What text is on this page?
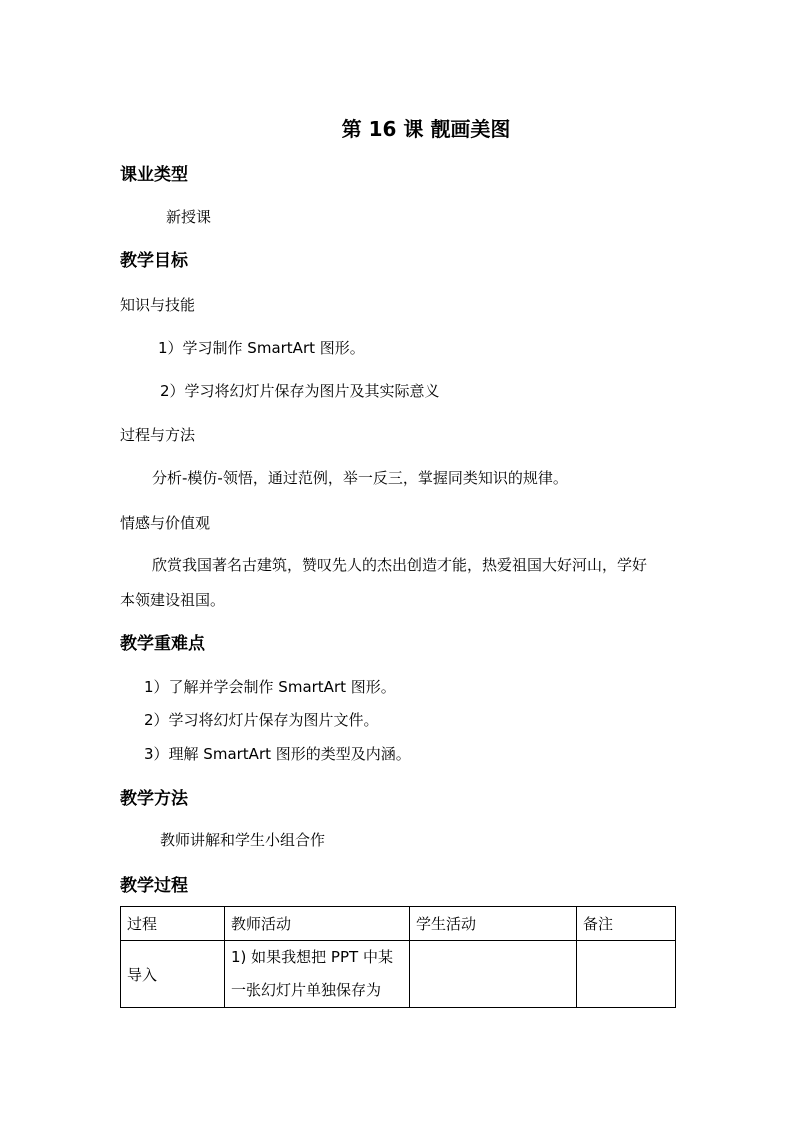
第 16 课 靓画美图
课业类型
新授课
教学目标
知识与技能
1）学习制作 SmartArt 图形。
2）学习将幻灯片保存为图片及其实际意义
过程与方法
分析-模仿-领悟，通过范例，举一反三，掌握同类知识的规律。
情感与价值观
欣赏我国著名古建筑，赞叹先人的杰出创造才能，热爱祖国大好河山，学好
本领建设祖国。
教学重难点
1）了解并学会制作 SmartArt 图形。
2）学习将幻灯片保存为图片文件。
3）理解 SmartArt 图形的类型及内涵。
教学方法
教师讲解和学生小组合作
教学过程
过程	教师活动	学生活动	备注
导入	1) 如果我想把 PPT 中某
一张幻灯片单独保存为		
